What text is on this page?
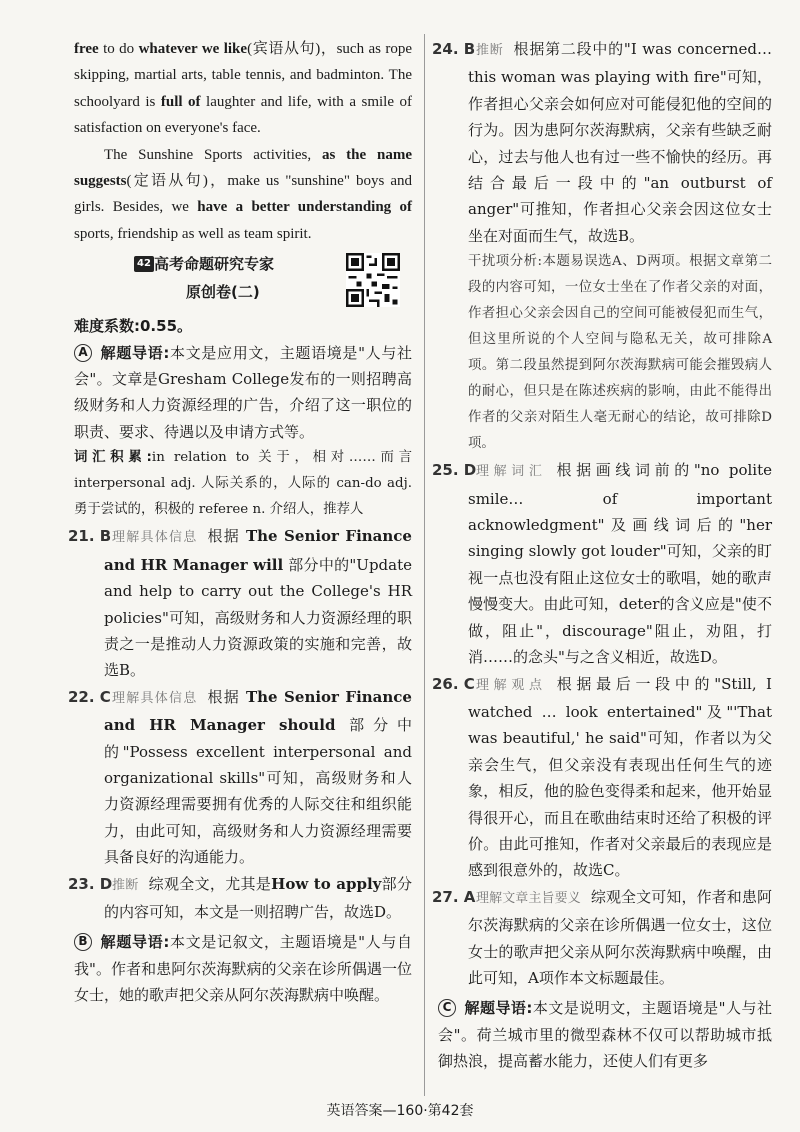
free to do whatever we like(宾语从句)，such as rope skipping, martial arts, table tennis, and badminton. The schoolyard is full of laughter and life, with a smile of satisfaction on everyone's face.

The Sunshine Sports activities, as the name suggests(定语从句)，make us "sunshine" boys and girls. Besides, we have a better understanding of sports, friendship as well as team spirit.

42 高考命题研究专家
原创卷(二)

难度系数:0.55。

A 解题导语:本文是应用文，主题语境是"人与社会"。文章是Gresham College发布的一则招聘高级财务和人力资源经理的广告，介绍了这一职位的职责、要求、待遇以及申请方式等。

词汇积累:in relation to 关于，相对……而言 interpersonal adj. 人际关系的，人际的 can-do adj. 勇于尝试的，积极的 referee n. 介绍人，推荐人

21. B 理解具体信息 根据 The Senior Finance and HR Manager will 部分中的"Update and help to carry out the College's HR policies"可知，高级财务和人力资源经理的职责之一是推动人力资源政策的实施和完善，故选B。

22. C 理解具体信息 根据 The Senior Finance and HR Manager should 部分中的"Possess excellent interpersonal and organizational skills"可知，高级财务和人力资源经理需要拥有优秀的人际交往和组织能力，由此可知，高级财务和人力资源经理需要具备良好的沟通能力。

23. D 推断 综观全文，尤其是How to apply部分的内容可知，本文是一则招聘广告，故选D。

B 解题导语:本文是记叙文，主题语境是"人与自我"。作者和患阿尔茨海默病的父亲在诊所偶遇一位女士，她的歌声把父亲从阿尔茨海默病中唤醒。

24. B 推断 根据第二段中的"I was concerned… this woman was playing with fire"可知，作者担心父亲会如何应对可能侵犯他的空间的行为。因为患阿尔茨海默病，父亲有些缺乏耐心，过去与他人也有过一些不愉快的经历。再结合最后一段中的"an outburst of anger"可推知，作者担心父亲会因这位女士坐在对面而生气，故选B。

干扰项分析:本题易误选A、D两项。根据文章第二段的内容可知，一位女士坐在了作者父亲的对面，作者担心父亲会因自己的空间可能被侵犯而生气，但这里所说的个人空间与隐私无关，故可排除A项。第二段虽然提到阿尔茨海默病可能会摧毁病人的耐心，但只是在陈述疾病的影响，由此不能得出作者的父亲对陌生人毫无耐心的结论，故可排除D项。

25. D 理解词汇 根据画线词前的"no polite smile… of important acknowledgment"及画线词后的"her singing slowly got louder"可知，父亲的盯视一点也没有阻止这位女士的歌唱，她的歌声慢慢变大。由此可知，deter的含义应是"使不做，阻止"，discourage"阻止，劝阻，打消……的念头"与之含义相近，故选D。

26. C 理解观点 根据最后一段中的"Still, I watched … look entertained"及"'That was beautiful,' he said"可知，作者以为父亲会生气，但父亲没有表现出任何生气的迹象，相反，他的脸色变得柔和起来，他开始显得很开心，而且在歌曲结束时还给了积极的评价。由此可推知，作者对父亲最后的表现应是感到很意外的，故选C。

27. A 理解文章主旨要义 综观全文可知，作者和患阿尔茨海默病的父亲在诊所偶遇一位女士，这位女士的歌声把父亲从阿尔茨海默病中唤醒，由此可知，A项作本文标题最佳。

C 解题导语:本文是说明文，主题语境是"人与社会"。荷兰城市里的微型森林不仅可以帮助城市抵御热浪，提高蓄水能力，还使人们有更多

英语答案—160·第42套
